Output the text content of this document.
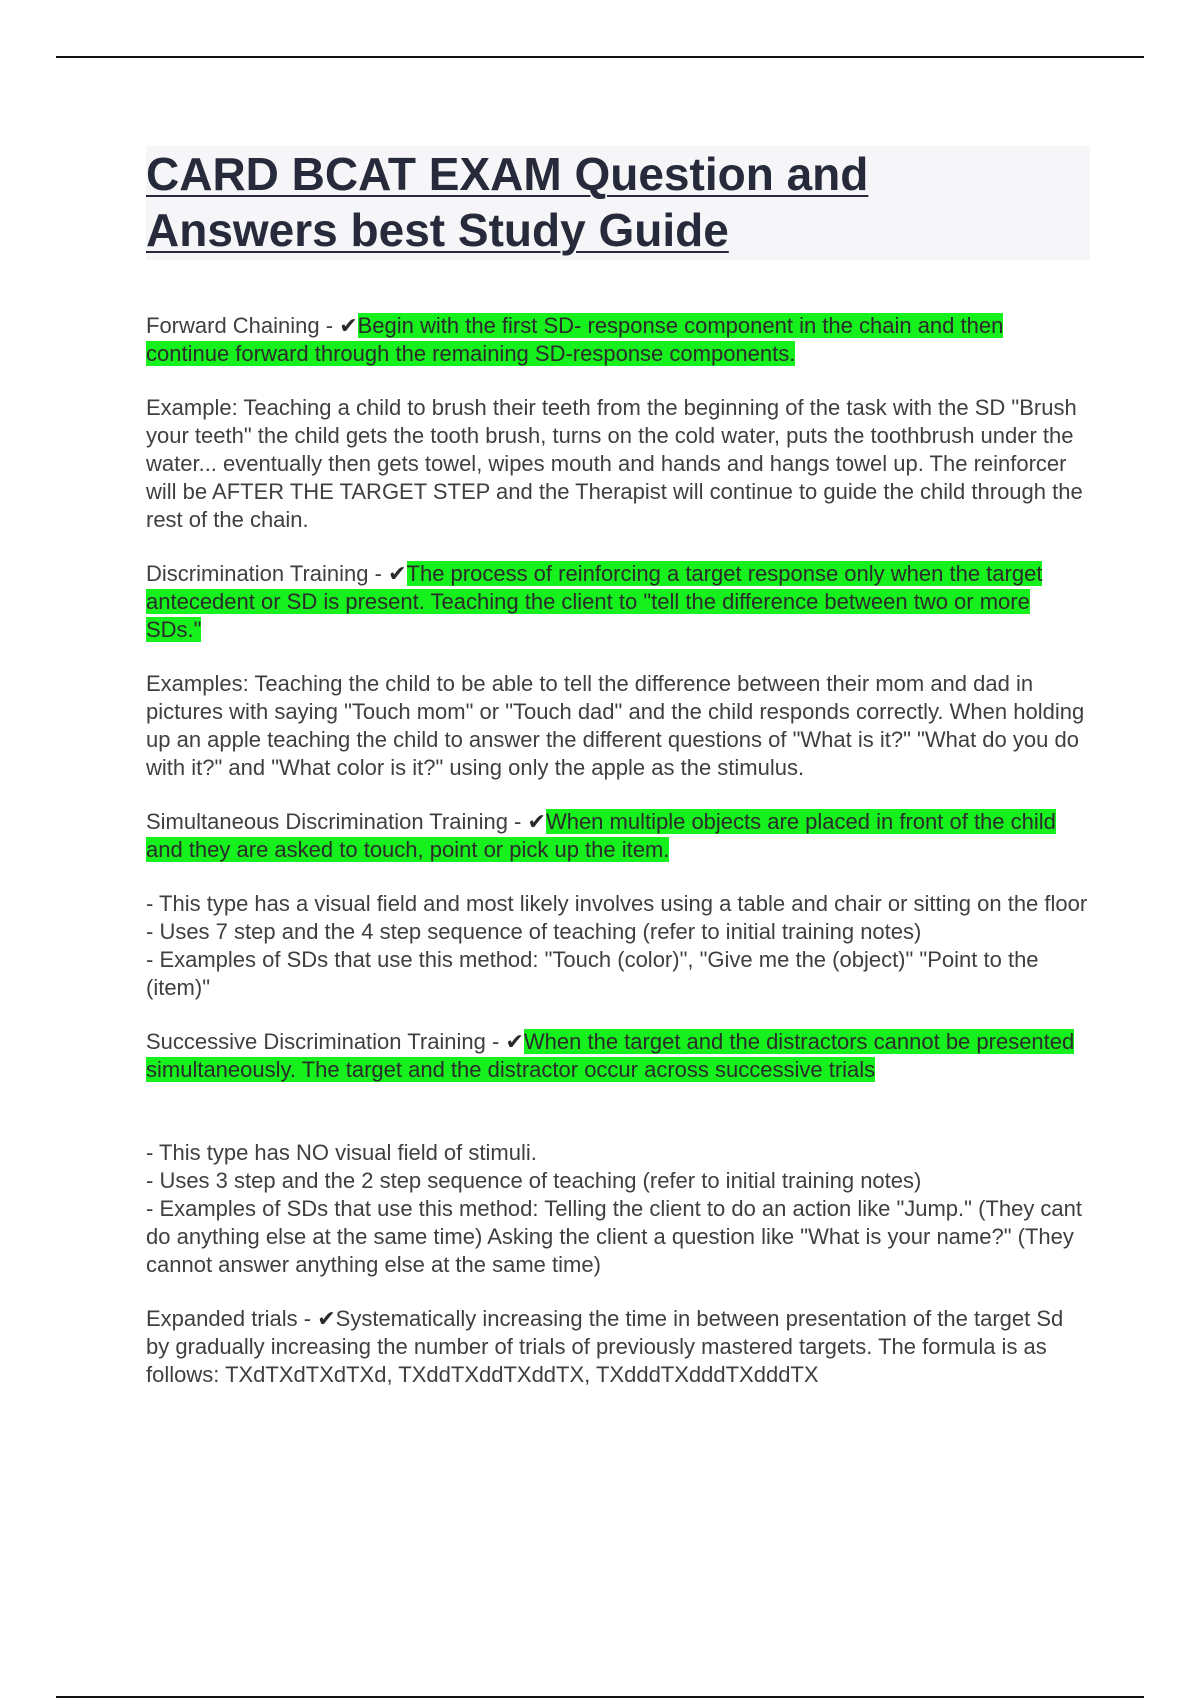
CARD BCAT EXAM Question and
Answers best Study Guide

Forward Chaining - ✔Begin with the first SD- response component in the chain and then continue forward through the remaining SD-response components.

Example: Teaching a child to brush their teeth from the beginning of the task with the SD "Brush your teeth" the child gets the tooth brush, turns on the cold water, puts the toothbrush under the water... eventually then gets towel, wipes mouth and hands and hangs towel up. The reinforcer will be AFTER THE TARGET STEP and the Therapist will continue to guide the child through the rest of the chain.

Discrimination Training - ✔The process of reinforcing a target response only when the target antecedent or SD is present. Teaching the client to "tell the difference between two or more SDs."

Examples: Teaching the child to be able to tell the difference between their mom and dad in pictures with saying "Touch mom" or "Touch dad" and the child responds correctly. When holding up an apple teaching the child to answer the different questions of "What is it?" "What do you do with it?" and "What color is it?" using only the apple as the stimulus.

Simultaneous Discrimination Training - ✔When multiple objects are placed in front of the child and they are asked to touch, point or pick up the item.

- This type has a visual field and most likely involves using a table and chair or sitting on the floor
- Uses 7 step and the 4 step sequence of teaching (refer to initial training notes)
- Examples of SDs that use this method: "Touch (color)", "Give me the (object)" "Point to the (item)"

Successive Discrimination Training - ✔When the target and the distractors cannot be presented simultaneously. The target and the distractor occur across successive trials

- This type has NO visual field of stimuli.
- Uses 3 step and the 2 step sequence of teaching (refer to initial training notes)
- Examples of SDs that use this method: Telling the client to do an action like "Jump." (They cant do anything else at the same time) Asking the client a question like "What is your name?" (They cannot answer anything else at the same time)

Expanded trials - ✔Systematically increasing the time in between presentation of the target Sd by gradually increasing the number of trials of previously mastered targets. The formula is as follows: TXdTXdTXdTXd, TXddTXddTXddTX, TXdddTXdddTXdddTX
